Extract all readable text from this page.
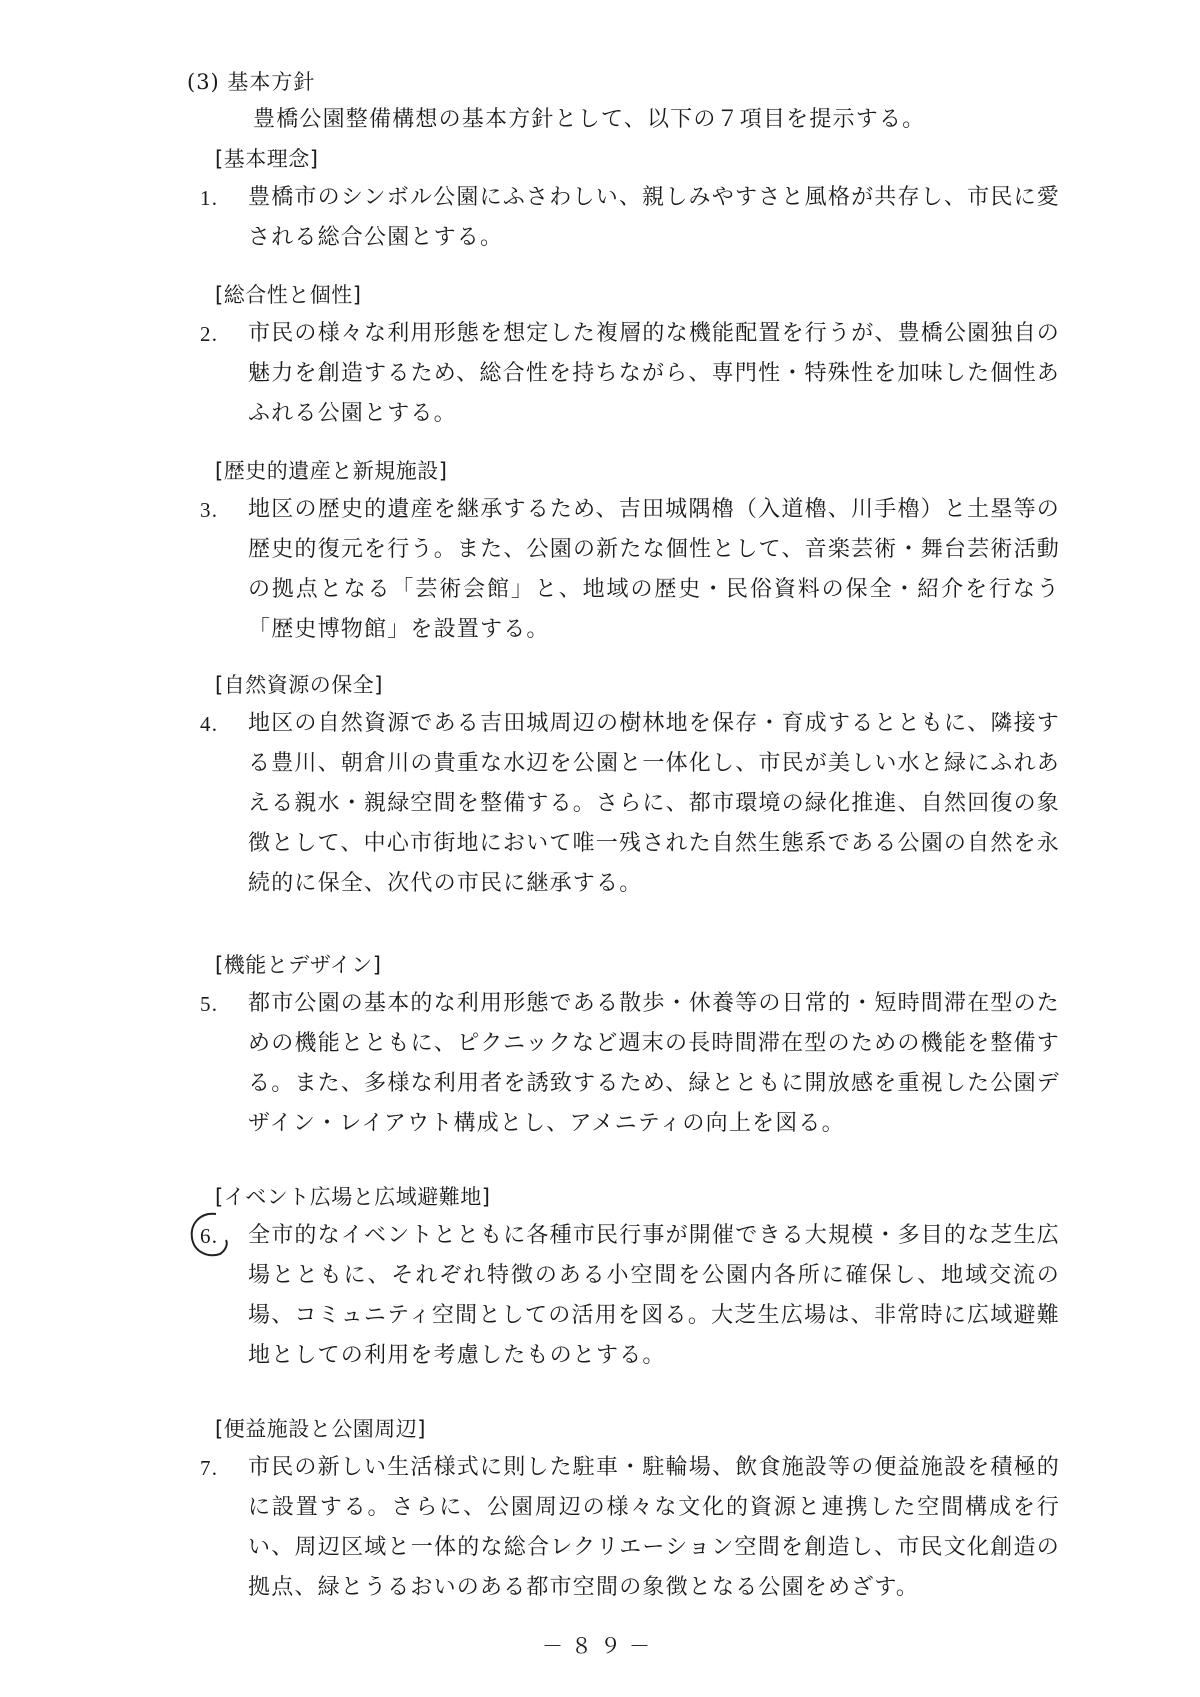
(3) 基本方針
豊橋公園整備構想の基本方針として、以下の７項目を提示する。
[基本理念]
1.	豊橋市のシンボル公園にふさわしい、親しみやすさと風格が共存し、市民に愛される総合公園とする。
[総合性と個性]
2.	市民の様々な利用形態を想定した複層的な機能配置を行うが、豊橋公園独自の魅力を創造するため、総合性を持ちながら、専門性・特殊性を加味した個性あふれる公園とする。
[歴史的遺産と新規施設]
3.	地区の歴史的遺産を継承するため、吉田城隅櫓（入道櫓、川手櫓）と土塁等の歴史的復元を行う。また、公園の新たな個性として、音楽芸術・舞台芸術活動の拠点となる「芸術会館」と、地域の歴史・民俗資料の保全・紹介を行なう「歴史博物館」を設置する。
[自然資源の保全]
4.	地区の自然資源である吉田城周辺の樹林地を保存・育成するとともに、隣接する豊川、朝倉川の貴重な水辺を公園と一体化し、市民が美しい水と緑にふれあえる親水・親緑空間を整備する。さらに、都市環境の緑化推進、自然回復の象徴として、中心市街地において唯一残された自然生態系である公園の自然を永続的に保全、次代の市民に継承する。
[機能とデザイン]
5.	都市公園の基本的な利用形態である散歩・休養等の日常的・短時間滞在型のための機能とともに、ピクニックなど週末の長時間滞在型のための機能を整備する。また、多様な利用者を誘致するため、緑とともに開放感を重視した公園デザイン・レイアウト構成とし、アメニティの向上を図る。
[イベント広場と広域避難地]
6.	全市的なイベントとともに各種市民行事が開催できる大規模・多目的な芝生広場とともに、それぞれ特徴のある小空間を公園内各所に確保し、地域交流の場、コミュニティ空間としての活用を図る。大芝生広場は、非常時に広域避難地としての利用を考慮したものとする。
[便益施設と公園周辺]
7.	市民の新しい生活様式に則した駐車・駐輪場、飲食施設等の便益施設を積極的に設置する。さらに、公園周辺の様々な文化的資源と連携した空間構成を行い、周辺区域と一体的な総合レクリエーション空間を創造し、市民文化創造の拠点、緑とうるおいのある都市空間の象徴となる公園をめざす。
－８９－
